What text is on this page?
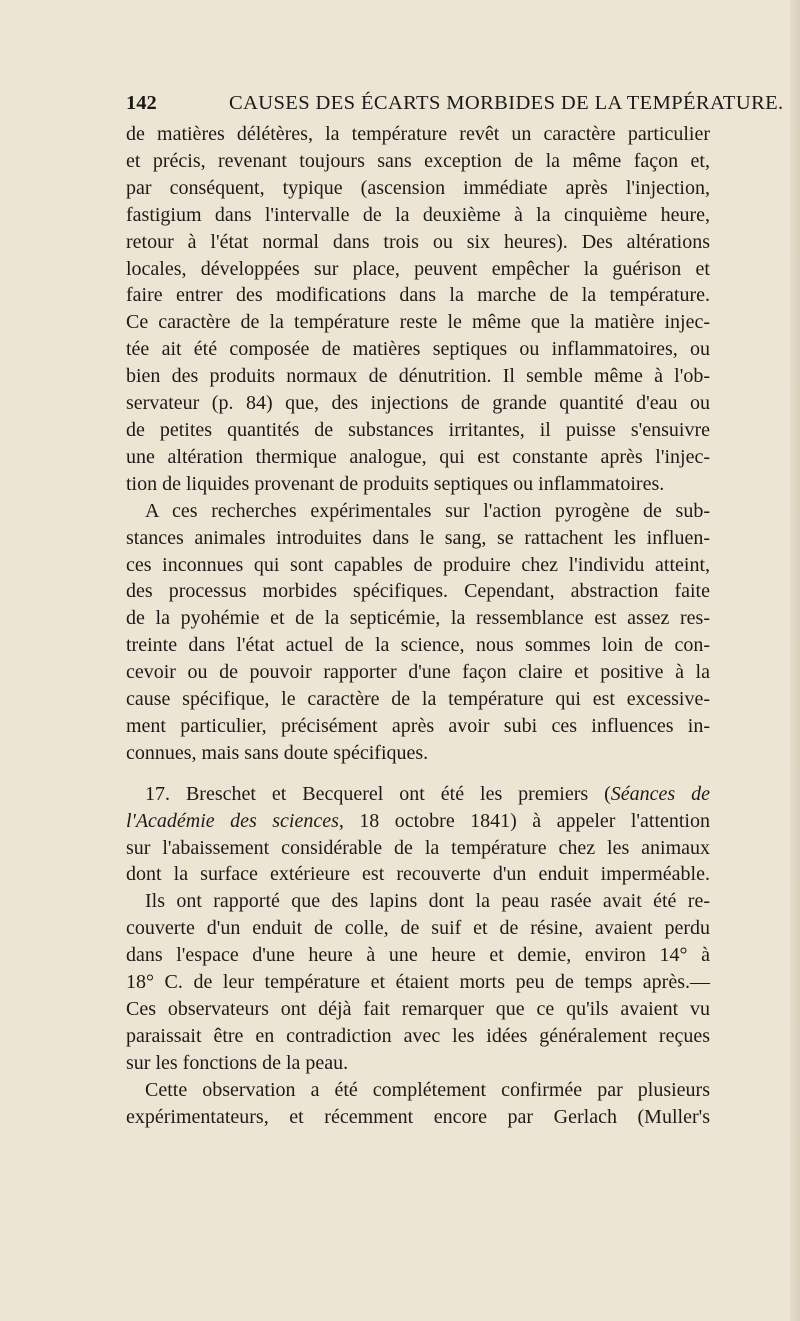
142	CAUSES DES ÉCARTS MORBIDES DE LA TEMPÉRATURE.

de matières délétères, la température revêt un caractère particulier

et précis, revenant toujours sans exception de la même façon et,

par conséquent, typique (ascension immédiate après l'injection,

fastigium dans l'intervalle de la deuxième à la cinquième heure,

retour à l'état normal dans trois ou six heures). Des altérations

locales, développées sur place, peuvent empêcher la guérison et

faire entrer des modifications dans la marche de la température.

Ce caractère de la température reste le même que la matière injec-

tée ait été composée de matières septiques ou inflammatoires, ou

bien des produits normaux de dénutrition. Il semble même à l'ob-

servateur (p. 84) que, des injections de grande quantité d'eau ou

de petites quantités de substances irritantes, il puisse s'ensuivre

une altération thermique analogue, qui est constante après l'injec-

tion de liquides provenant de produits septiques ou inflammatoires.

A ces recherches expérimentales sur l'action pyrogène de sub-

stances animales introduites dans le sang, se rattachent les influen-

ces inconnues qui sont capables de produire chez l'individu atteint,

des processus morbides spécifiques. Cependant, abstraction faite

de la pyohémie et de la septicémie, la ressemblance est assez res-

treinte dans l'état actuel de la science, nous sommes loin de con-

cevoir ou de pouvoir rapporter d'une façon claire et positive à la

cause spécifique, le caractère de la température qui est excessive-

ment particulier, précisément après avoir subi ces influences in-

connues, mais sans doute spécifiques.

17. Breschet et Becquerel ont été les premiers (Séances de

l'Académie des sciences, 18 octobre 1841) à appeler l'attention

sur l'abaissement considérable de la température chez les animaux

dont la surface extérieure est recouverte d'un enduit imperméable.

Ils ont rapporté que des lapins dont la peau rasée avait été re-

couverte d'un enduit de colle, de suif et de résine, avaient perdu

dans l'espace d'une heure à une heure et demie, environ 14° à

18° C. de leur température et étaient morts peu de temps après.—

Ces observateurs ont déjà fait remarquer que ce qu'ils avaient vu

paraissait être en contradiction avec les idées généralement reçues

sur les fonctions de la peau.

Cette observation a été complétement confirmée par plusieurs

expérimentateurs, et récemment encore par Gerlach (Muller's
